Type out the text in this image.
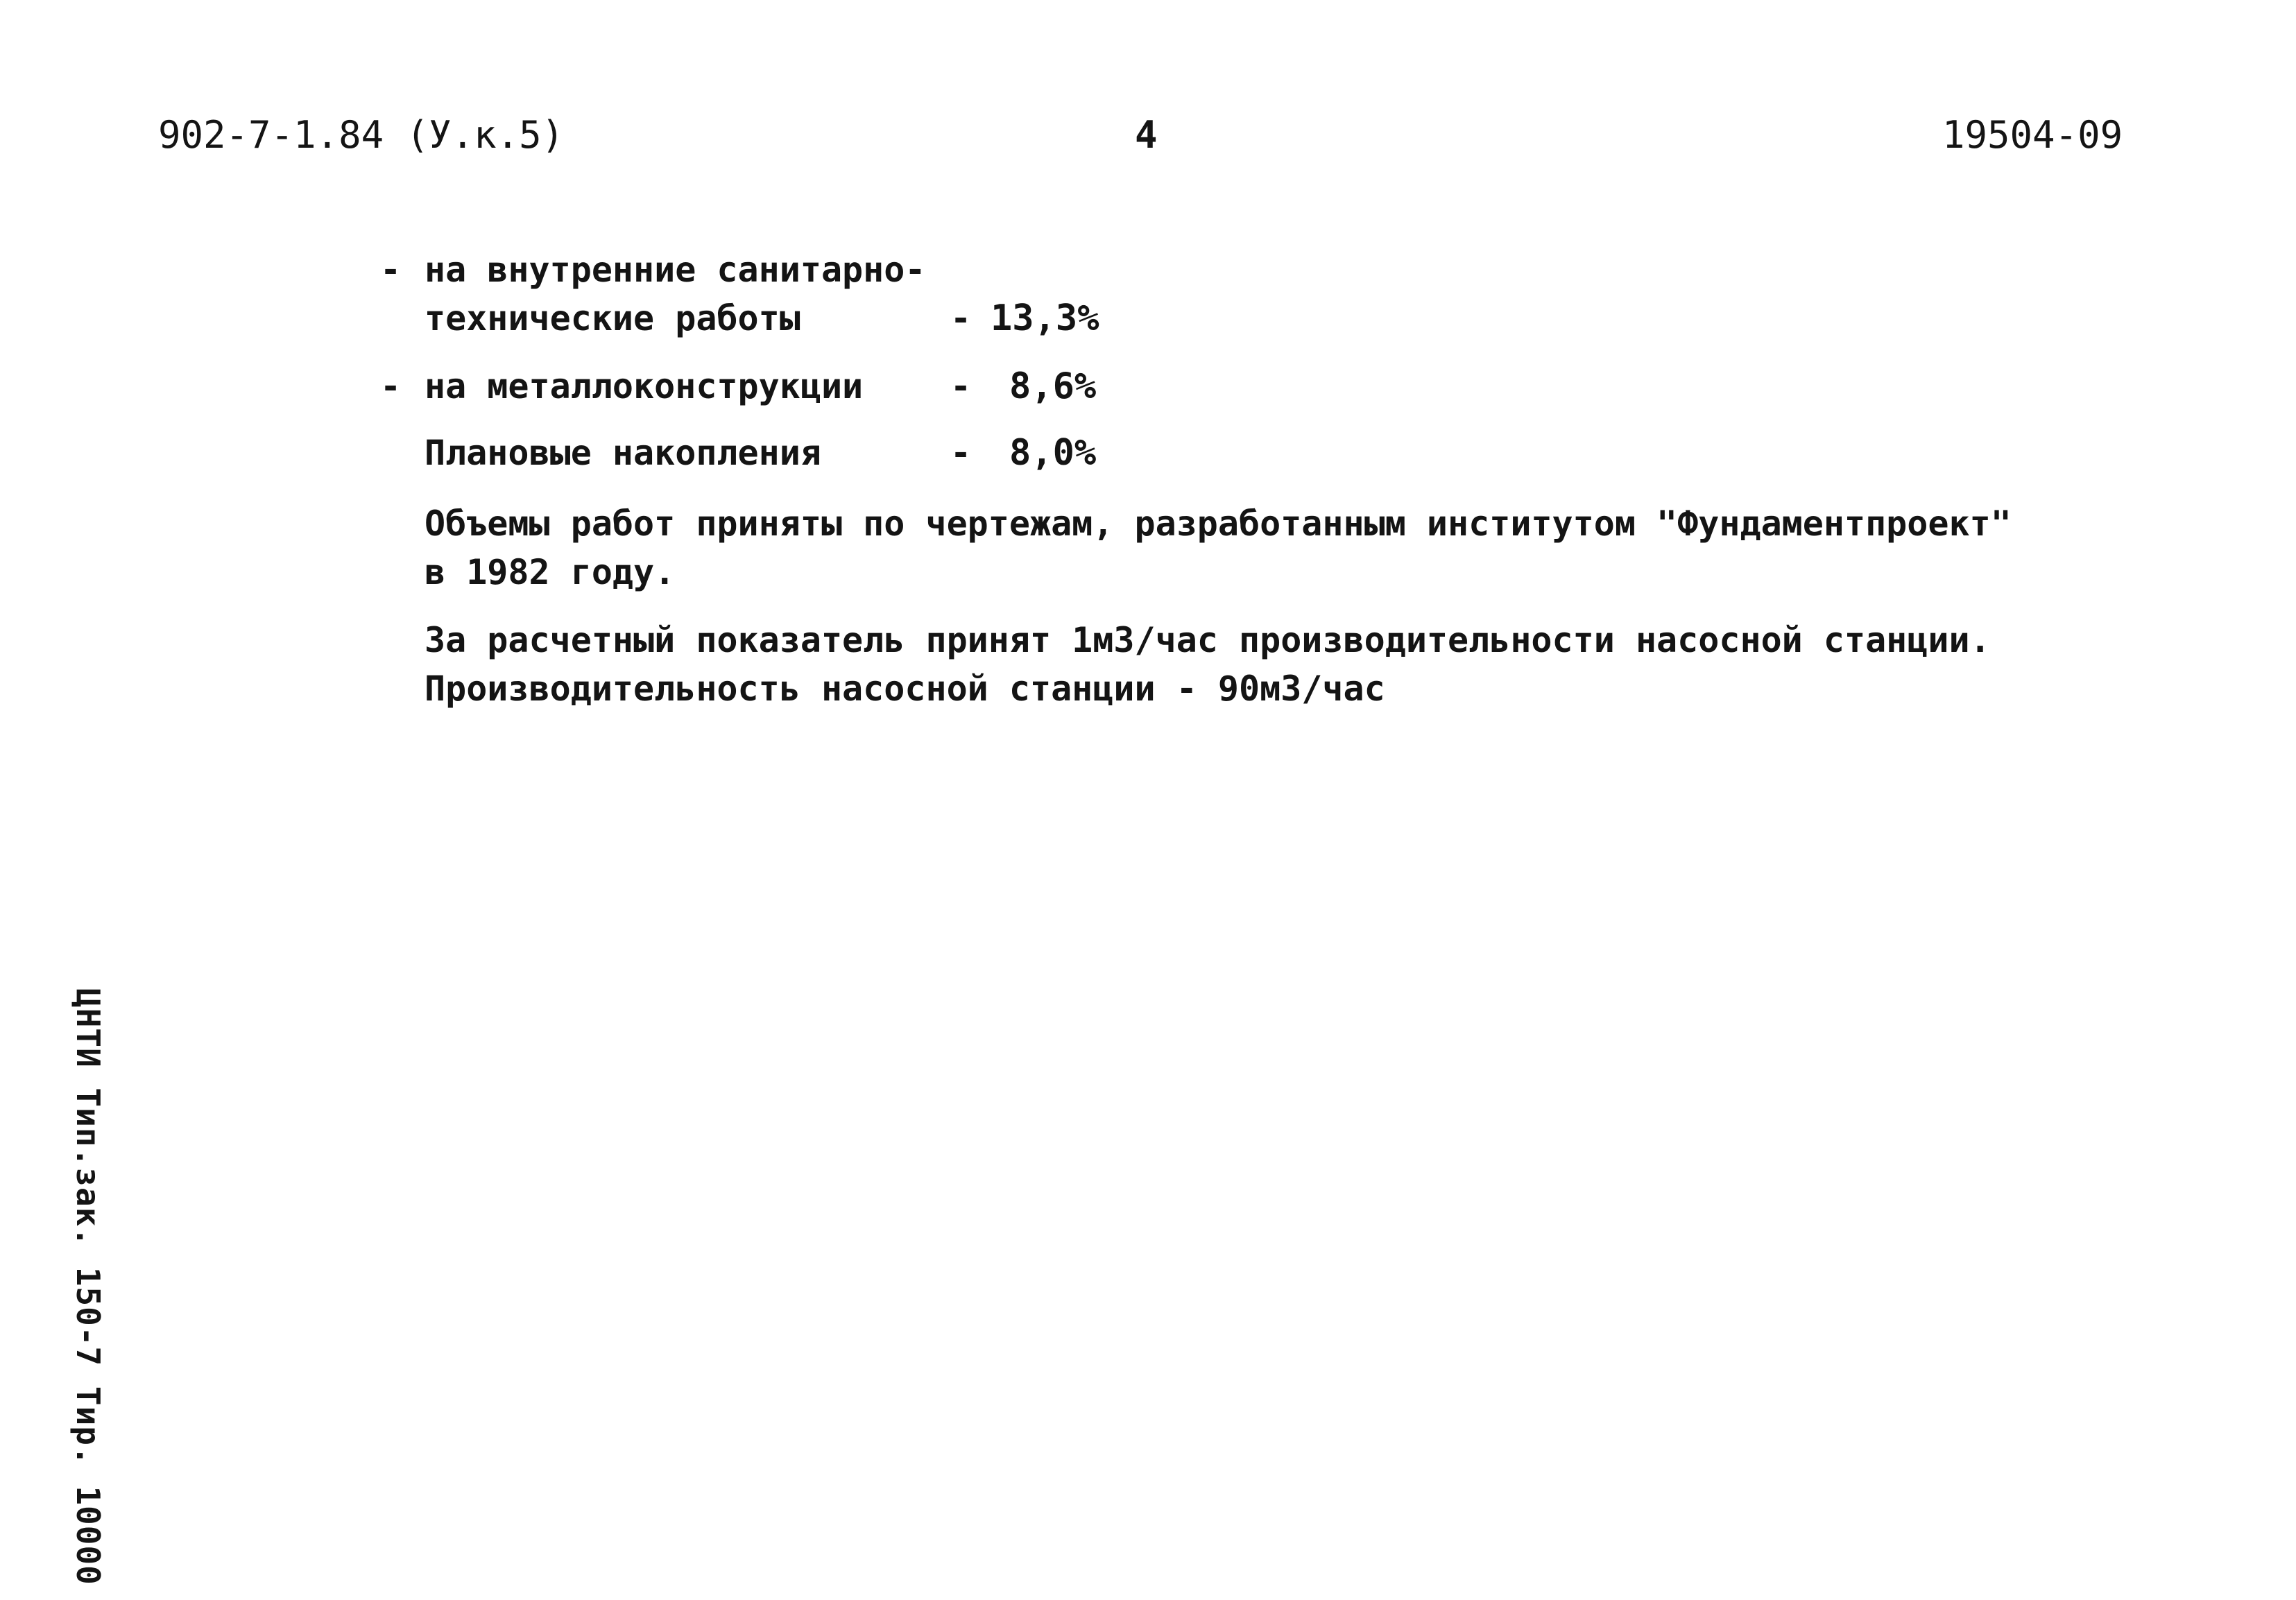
902-7-1.84 (У.к.5)	4	19504-09
- на внутренние санитарно-
технические работы	- 13,3%
- на металлоконструкции	- 8,6%
Плановые накопления	- 8,0%
Объемы работ приняты по чертежам, разработанным институтом "Фундаментпроект"
в 1982 году.
За расчетный показатель принят 1м3/час производительности насосной станции.
Производительность насосной станции - 90м3/час
ЦНТИ Тип.зак. 150-7 Тир. 10000
